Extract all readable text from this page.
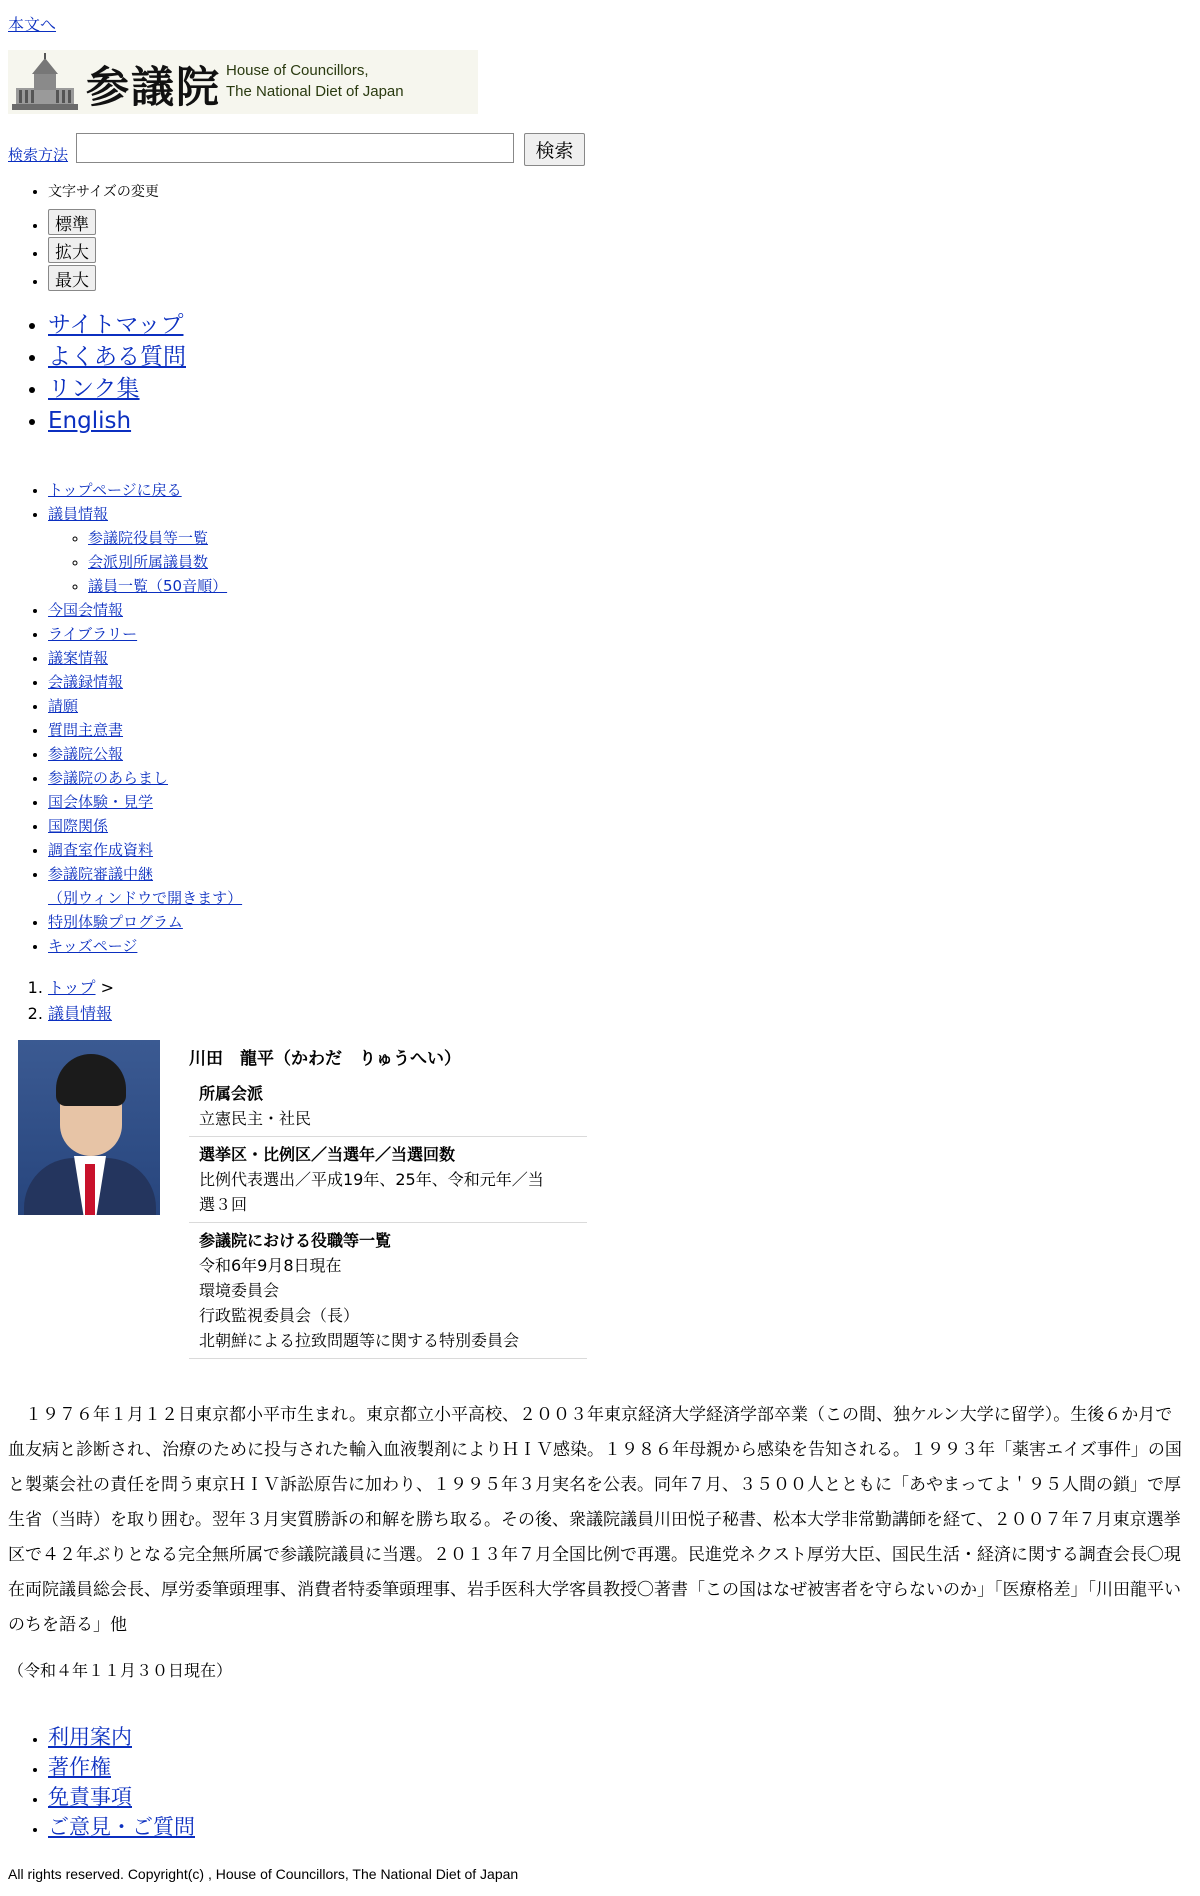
本文へ
参議院 House of Councillors,
The National Diet of Japan
検索方法	検索
• 文字サイズの変更
• 標準
• 拡大
• 最大
• サイトマップ
• よくある質問
• リンク集
• English
• トップページに戻る
• 議員情報
◦ 参議院役員等一覧
◦ 会派別所属議員数
◦ 議員一覧（50音順）
• 今国会情報
• ライブラリー
• 議案情報
• 会議録情報
• 請願
• 質問主意書
• 参議院公報
• 参議院のあらまし
• 国会体験・見学
• 国際関係
• 調査室作成資料
• 参議院審議中継
（別ウィンドウで開きます）
• 特別体験プログラム
• キッズページ
1. トップ >
2. 議員情報
川田　龍平（かわだ　りゅうへい）
所属会派
立憲民主・社民
選挙区・比例区／当選年／当選回数
比例代表選出／平成19年、25年、令和元年／当
選３回
参議院における役職等一覧
令和6年9月8日現在
環境委員会
行政監視委員会（長）
北朝鮮による拉致問題等に関する特別委員会
　１９７６年１月１２日東京都小平市生まれ。東京都立小平高校、２００３年東京経済大学経済学部卒業（この間、独ケルン大学に留学）。生後６か月で血友病と診断され、治療のために投与された輸入血液製剤によりＨＩＶ感染。１９８６年母親から感染を告知される。１９９３年「薬害エイズ事件」の国と製薬会社の責任を問う東京ＨＩＶ訴訟原告に加わり、１９９５年３月実名を公表。同年７月、３５００人とともに「あやまってよ＇９５人間の鎖」で厚生省（当時）を取り囲む。翌年３月実質勝訴の和解を勝ち取る。その後、衆議院議員川田悦子秘書、松本大学非常勤講師を経て、２００７年７月東京選挙区で４２年ぶりとなる完全無所属で参議院議員に当選。２０１３年７月全国比例で再選。民進党ネクスト厚労大臣、国民生活・経済に関する調査会長〇現在両院議員総会長、厚労委筆頭理事、消費者特委筆頭理事、岩手医科大学客員教授〇著書「この国はなぜ被害者を守らないのか」「医療格差」「川田龍平いのちを語る」他
（令和４年１１月３０日現在）
• 利用案内
• 著作権
• 免責事項
• ご意見・ご質問
All rights reserved. Copyright(c) , House of Councillors, The National Diet of Japan
